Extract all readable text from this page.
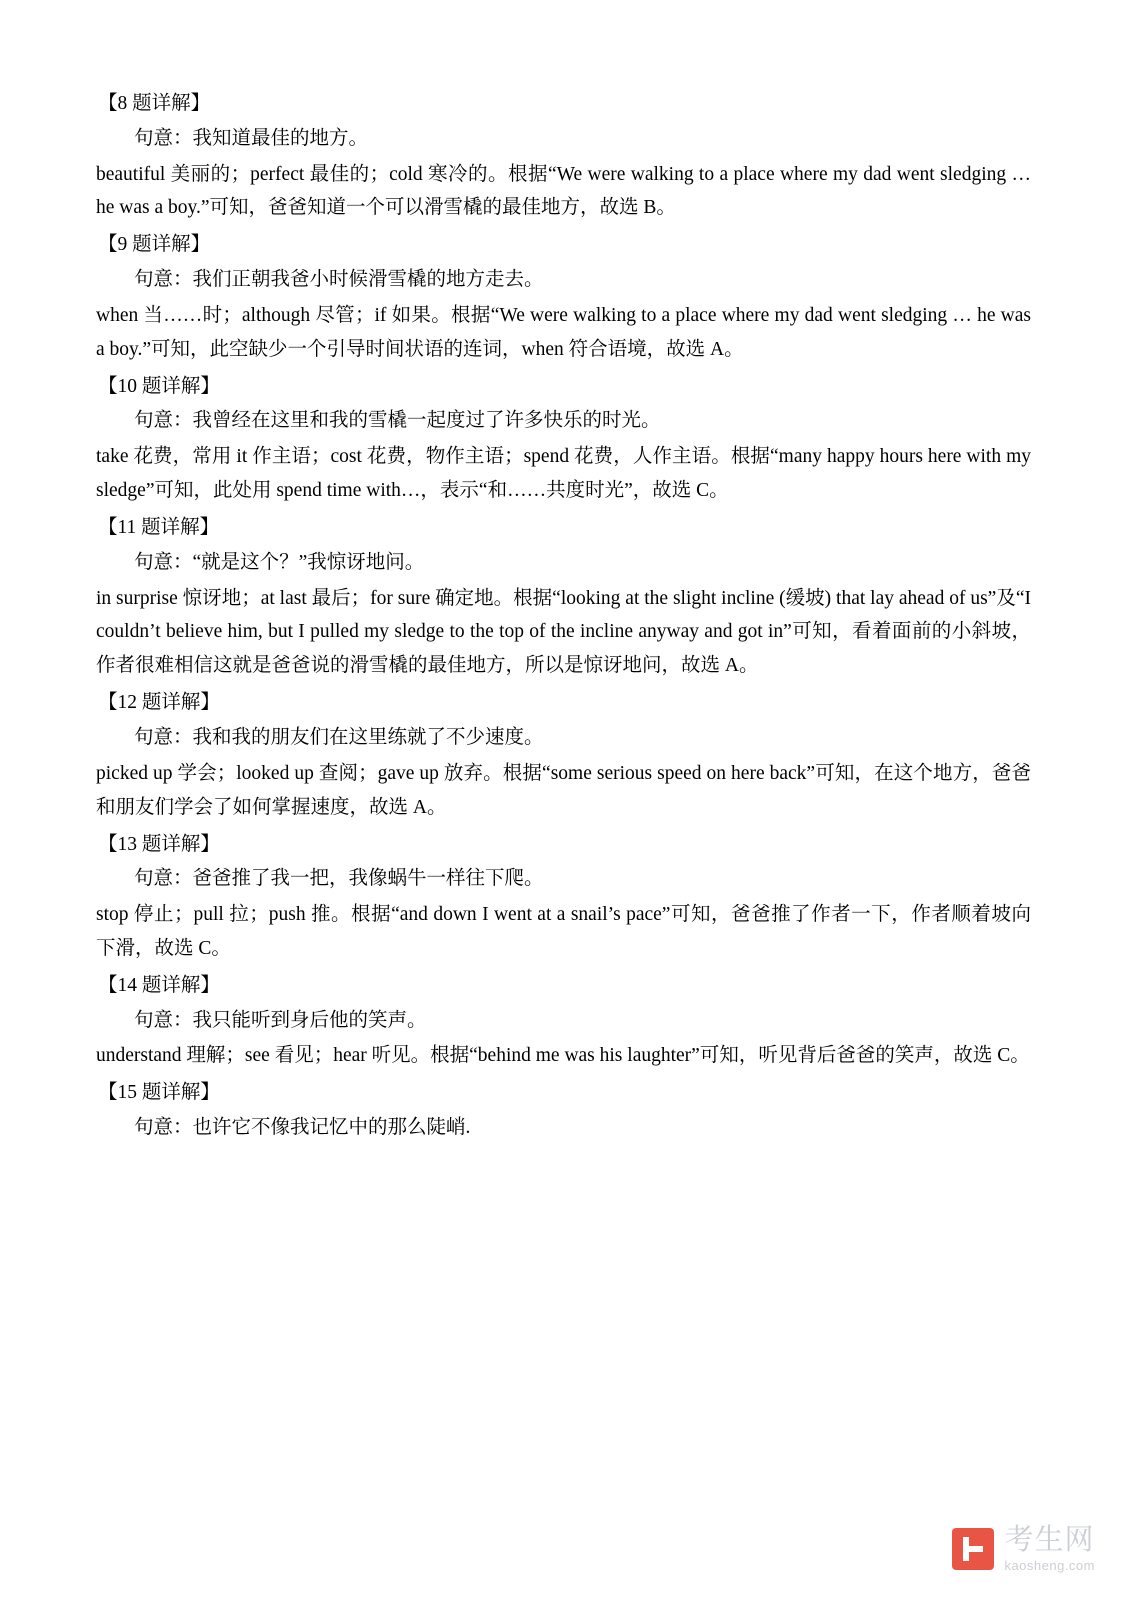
【8 题详解】
句意：我知道最佳的地方。
beautiful 美丽的；perfect 最佳的；cold 寒冷的。根据“We were walking to a place where my dad went sledging … he was a boy.”可知，爸爸知道一个可以滑雪橇的最佳地方，故选 B。
【9 题详解】
句意：我们正朝我爸小时候滑雪橇的地方走去。
when 当……时；although 尽管；if 如果。根据“We were walking to a place where my dad went sledging … he was a boy.”可知，此空缺少一个引导时间状语的连词，when 符合语境，故选 A。
【10 题详解】
句意：我曾经在这里和我的雪橇一起度过了许多快乐的时光。
take 花费，常用 it 作主语；cost 花费，物作主语；spend 花费，人作主语。根据“many happy hours here with my sledge”可知，此处用 spend time with…，表示“和……共度时光”，故选 C。
【11 题详解】
句意：“就是这个？”我惊讶地问。
in surprise 惊讶地；at last 最后；for sure 确定地。根据“looking at the slight incline (缓坡) that lay ahead of us”及“I couldn’t believe him, but I pulled my sledge to the top of the incline anyway and got in”可知，看着面前的小斜坡，作者很难相信这就是爸爸说的滑雪橇的最佳地方，所以是惊讶地问，故选 A。
【12 题详解】
句意：我和我的朋友们在这里练就了不少速度。
picked up 学会；looked up 查阅；gave up 放弃。根据“some serious speed on here back”可知，在这个地方，爸爸和朋友们学会了如何掌握速度，故选 A。
【13 题详解】
句意：爸爸推了我一把，我像蜗牛一样往下爬。
stop 停止；pull 拉；push 推。根据“and down I went at a snail’s pace”可知，爸爸推了作者一下，作者顺着坡向下滑，故选 C。
【14 题详解】
句意：我只能听到身后他的笑声。
understand 理解；see 看见；hear 听见。根据“behind me was his laughter”可知，听见背后爸爸的笑声，故选 C。
【15 题详解】
句意：也许它不像我记忆中的那么陡峭.
考生网
kaosheng.com
